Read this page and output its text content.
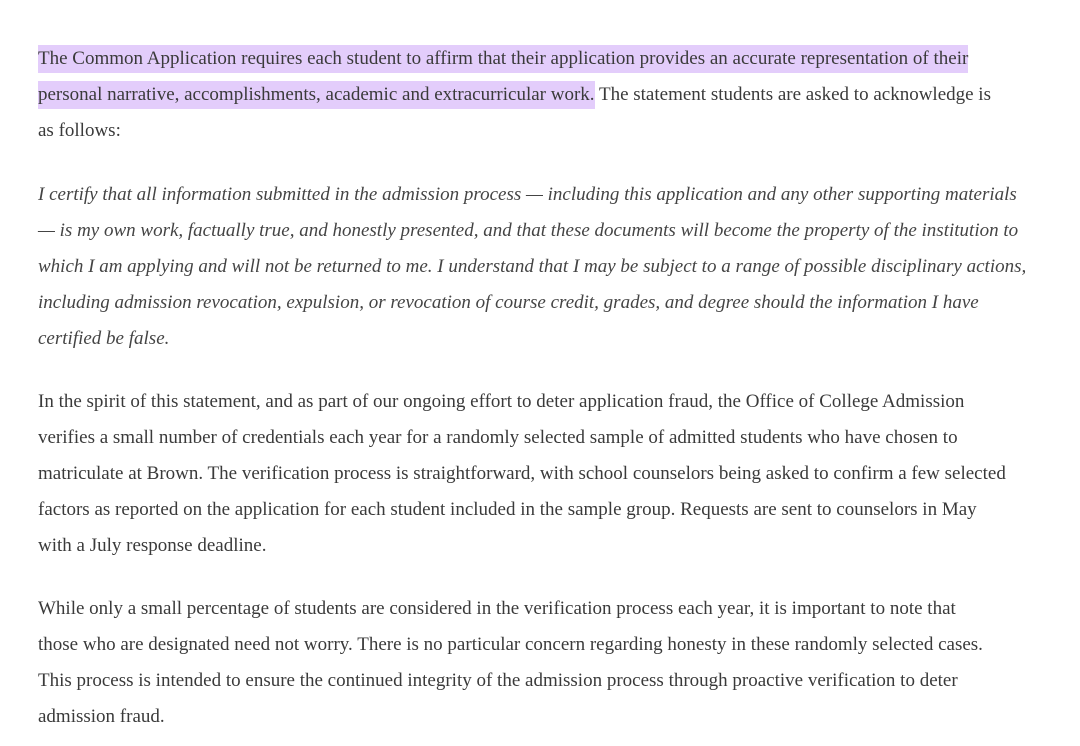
The Common Application requires each student to affirm that their application provides an accurate representation of their
personal narrative, accomplishments, academic and extracurricular work. The statement students are asked to acknowledge is
as follows:
I certify that all information submitted in the admission process — including this application and any other supporting materials
— is my own work, factually true, and honestly presented, and that these documents will become the property of the institution to
which I am applying and will not be returned to me. I understand that I may be subject to a range of possible disciplinary actions,
including admission revocation, expulsion, or revocation of course credit, grades, and degree should the information I have
certified be false.
In the spirit of this statement, and as part of our ongoing effort to deter application fraud, the Office of College Admission
verifies a small number of credentials each year for a randomly selected sample of admitted students who have chosen to
matriculate at Brown. The verification process is straightforward, with school counselors being asked to confirm a few selected
factors as reported on the application for each student included in the sample group. Requests are sent to counselors in May
with a July response deadline.
While only a small percentage of students are considered in the verification process each year, it is important to note that
those who are designated need not worry. There is no particular concern regarding honesty in these randomly selected cases.
This process is intended to ensure the continued integrity of the admission process through proactive verification to deter
admission fraud.
